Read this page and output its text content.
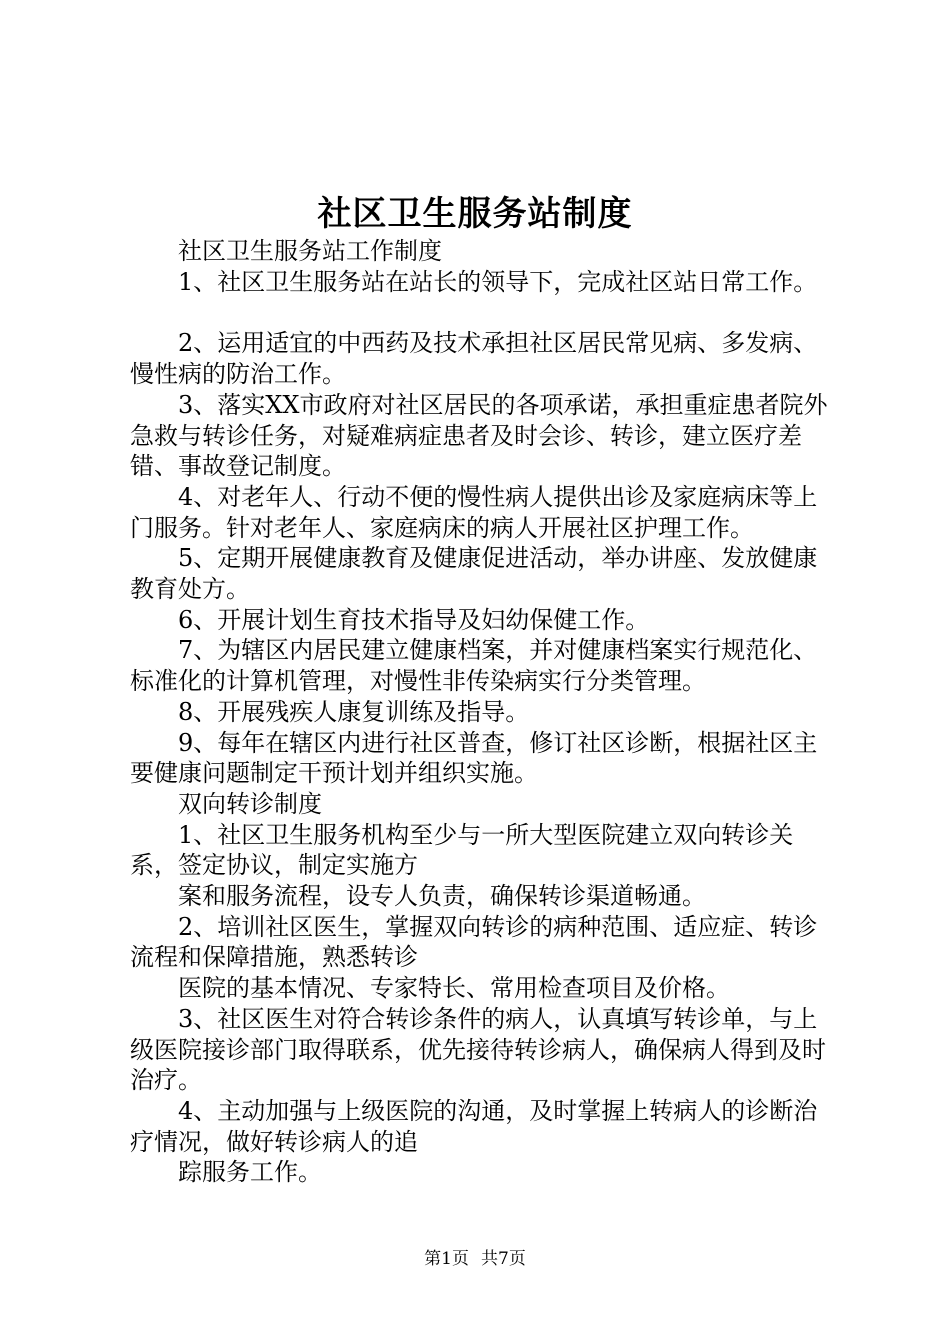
社区卫生服务站制度

社区卫生服务站工作制度

1、社区卫生服务站在站长的领导下，完成社区站日常工作。

2、运用适宜的中西药及技术承担社区居民常见病、多发病、慢性病的防治工作。

3、落实XX市政府对社区居民的各项承诺，承担重症患者院外急救与转诊任务，对疑难病症患者及时会诊、转诊，建立医疗差错、事故登记制度。

4、对老年人、行动不便的慢性病人提供出诊及家庭病床等上门服务。针对老年人、家庭病床的病人开展社区护理工作。

5、定期开展健康教育及健康促进活动，举办讲座、发放健康教育处方。

6、开展计划生育技术指导及妇幼保健工作。

7、为辖区内居民建立健康档案，并对健康档案实行规范化、标准化的计算机管理，对慢性非传染病实行分类管理。

8、开展残疾人康复训练及指导。

9、每年在辖区内进行社区普查，修订社区诊断，根据社区主要健康问题制定干预计划并组织实施。

双向转诊制度

1、社区卫生服务机构至少与一所大型医院建立双向转诊关系，签定协议，制定实施方

案和服务流程，设专人负责，确保转诊渠道畅通。

2、培训社区医生，掌握双向转诊的病种范围、适应症、转诊流程和保障措施，熟悉转诊

医院的基本情况、专家特长、常用检查项目及价格。

3、社区医生对符合转诊条件的病人，认真填写转诊单，与上级医院接诊部门取得联系，优先接待转诊病人，确保病人得到及时治疗。

4、主动加强与上级医院的沟通，及时掌握上转病人的诊断治疗情况，做好转诊病人的追

踪服务工作。

第1页 共7页
